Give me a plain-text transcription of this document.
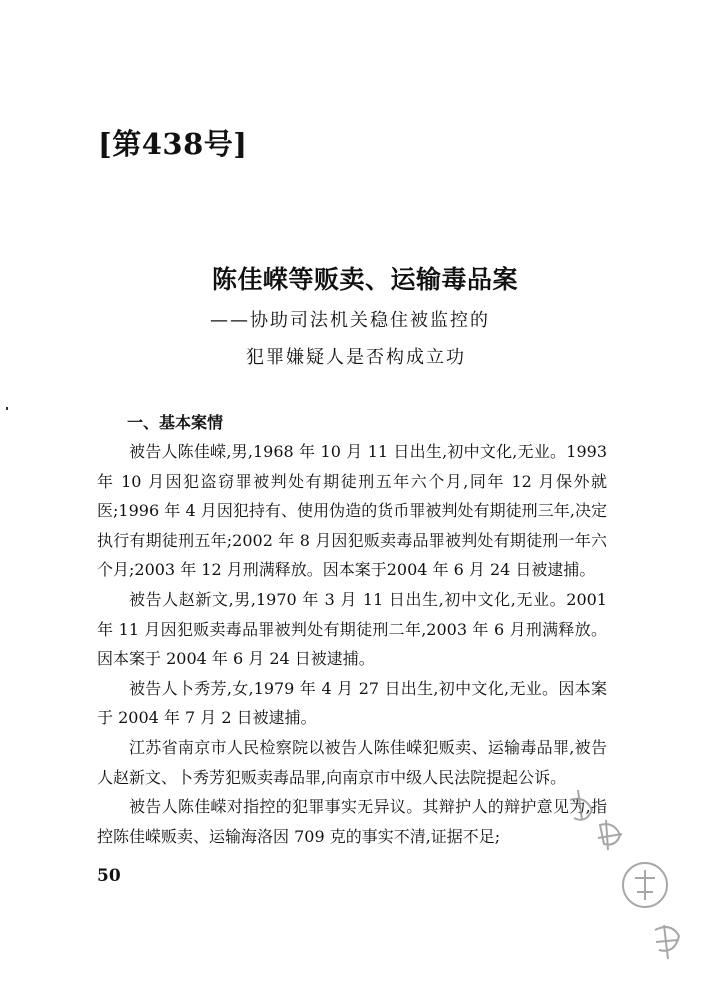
[第438号]
陈佳嵘等贩卖、运输毒品案
——协助司法机关稳住被监控的
犯罪嫌疑人是否构成立功
一、基本案情

被告人陈佳嵘,男,1968 年 10 月 11 日出生,初中文化,无业。1993 年 10 月因犯盗窃罪被判处有期徒刑五年六个月,同年 12 月保外就医;1996 年 4 月因犯持有、使用伪造的货币罪被判处有期徒刑三年,决定执行有期徒刑五年;2002 年 8 月因犯贩卖毒品罪被判处有期徒刑一年六个月;2003 年 12 月刑满释放。因本案于2004 年 6 月 24 日被逮捕。

被告人赵新文,男,1970 年 3 月 11 日出生,初中文化,无业。2001 年 11 月因犯贩卖毒品罪被判处有期徒刑二年,2003 年 6 月刑满释放。因本案于 2004 年 6 月 24 日被逮捕。

被告人卜秀芳,女,1979 年 4 月 27 日出生,初中文化,无业。因本案于 2004 年 7 月 2 日被逮捕。

江苏省南京市人民检察院以被告人陈佳嵘犯贩卖、运输毒品罪,被告人赵新文、卜秀芳犯贩卖毒品罪,向南京市中级人民法院提起公诉。

被告人陈佳嵘对指控的犯罪事实无异议。其辩护人的辩护意见为,指控陈佳嵘贩卖、运输海洛因 709 克的事实不清,证据不足;

50
